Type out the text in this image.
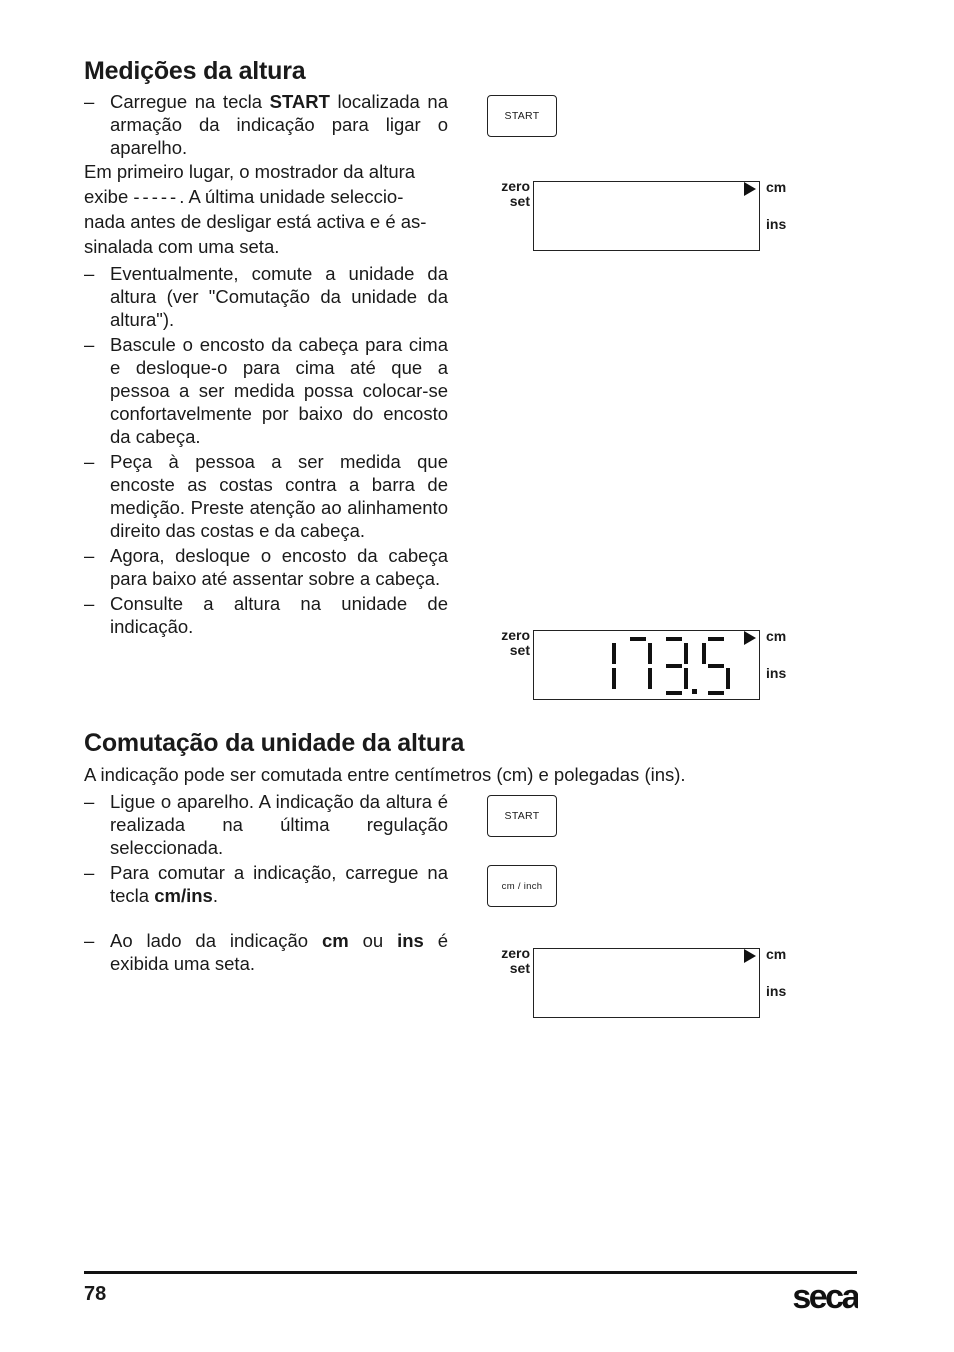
Medições da altura
– Carregue na tecla START localizada na armação da indicação para ligar o aparelho.
Em primeiro lugar, o mostrador da altura
exibe -----. A última unidade seleccio-
nada antes de desligar está activa e é as-
sinalada com uma seta.
– Eventualmente, comute a unidade da altura (ver "Comutação da unidade da altura").
– Bascule o encosto da cabeça para cima e desloque-o para cima até que a pessoa a ser medida possa colocar-se confortavelmente por baixo do encosto da cabeça.
– Peça à pessoa a ser medida que encoste as costas contra a barra de medição. Preste atenção ao alinhamento direito das costas e da cabeça.
– Agora, desloque o encosto da cabeça para baixo até assentar sobre a cabeça.
– Consulte a altura na unidade de indicação.
START
zero
set
cm
ins
zero
set
cm
ins
Comutação da unidade da altura
A indicação pode ser comutada entre centímetros (cm) e polegadas (ins).
– Ligue o aparelho. A indicação da altura é realizada na última regulação seleccionada.
– Para comutar a indicação, carregue na tecla cm/ins.
– Ao lado da indicação cm ou ins é exibida uma seta.
START
cm / inch
zero
set
cm
ins
78	seca
